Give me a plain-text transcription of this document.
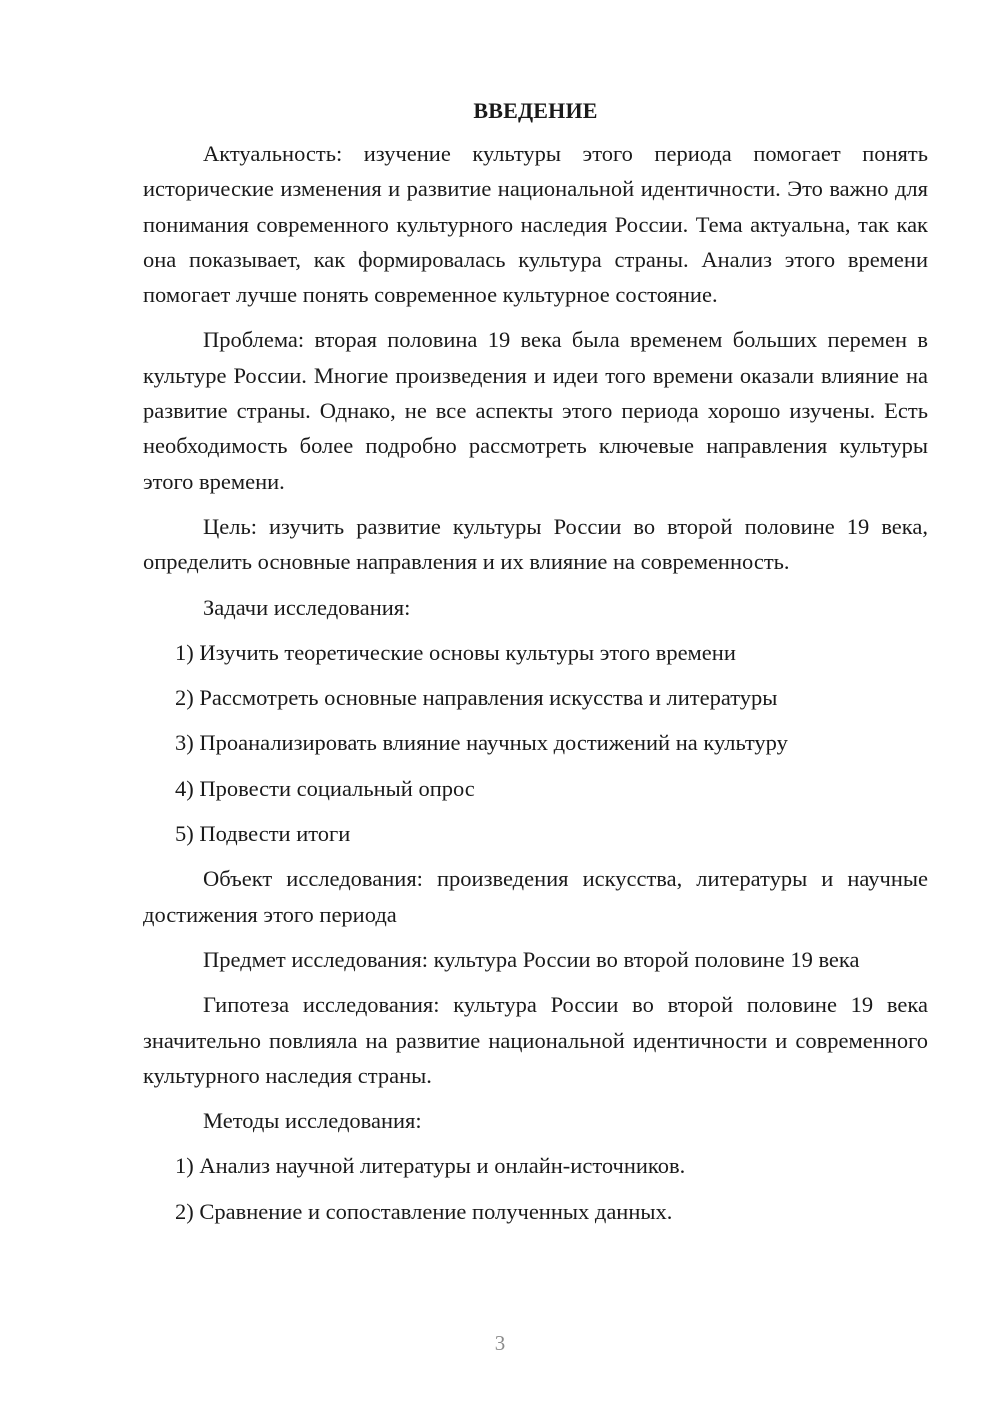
ВВЕДЕНИЕ
Актуальность: изучение культуры этого периода помогает понять исторические изменения и развитие национальной идентичности. Это важно для понимания современного культурного наследия России. Тема актуальна, так как она показывает, как формировалась культура страны. Анализ этого времени помогает лучше понять современное культурное состояние.
Проблема: вторая половина 19 века была временем больших перемен в культуре России. Многие произведения и идеи того времени оказали влияние на развитие страны. Однако, не все аспекты этого периода хорошо изучены. Есть необходимость более подробно рассмотреть ключевые направления культуры этого времени.
Цель: изучить развитие культуры России во второй половине 19 века, определить основные направления и их влияние на современность.
Задачи исследования:
1) Изучить теоретические основы культуры этого времени
2) Рассмотреть основные направления искусства и литературы
3) Проанализировать влияние научных достижений на культуру
4) Провести социальный опрос
5) Подвести итоги
Объект исследования: произведения искусства, литературы и научные достижения этого периода
Предмет исследования: культура России во второй половине 19 века
Гипотеза исследования: культура России во второй половине 19 века значительно повлияла на развитие национальной идентичности и современного культурного наследия страны.
Методы исследования:
1) Анализ научной литературы и онлайн-источников.
2) Сравнение и сопоставление полученных данных.
3
